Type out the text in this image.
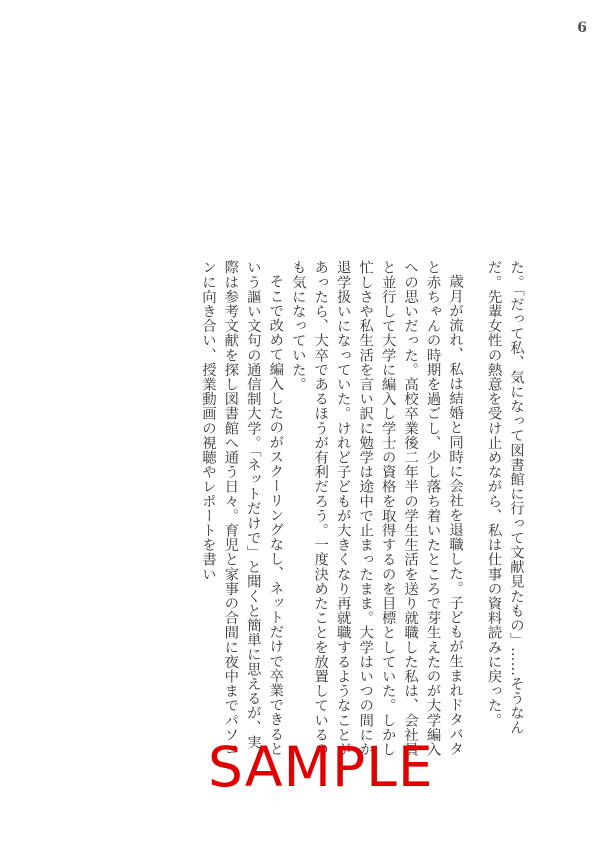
6

た。「だって私、気になって図書館に行って文献見たもの」……そうなんだ。先輩女性の熱意を受け止めながら、私は仕事の資料読みに戻った。

歳月が流れ、私は結婚と同時に会社を退職した。子どもが生まれドタバタと赤ちゃんの時期を過ごし、少し落ち着いたところで芽生えたのが大学編入への思いだった。高校卒業後二年半の学生生活を送り就職した私は、会社員と並行して大学に編入し学士の資格を取得するのを目標としていた。しかし忙しさや私生活を言い訳に勉学は途中で止まったまま。大学はいつの間にか退学扱いになっていた。けれど子どもが大きくなり再就職するようなことがあったら、大卒であるほうが有利だろう。一度決めたことを放置しているのも気になっていた。

そこで改めて編入したのがスクーリングなし、ネットだけで卒業できるという謳い文句の通信制大学。「ネットだけで」と聞くと簡単に思えるが、実際は参考文献を探し図書館へ通う日々。育児と家事の合間に夜中までパソコンに向き合い、授業動画の視聴やレポートを書い

SAMPLE
